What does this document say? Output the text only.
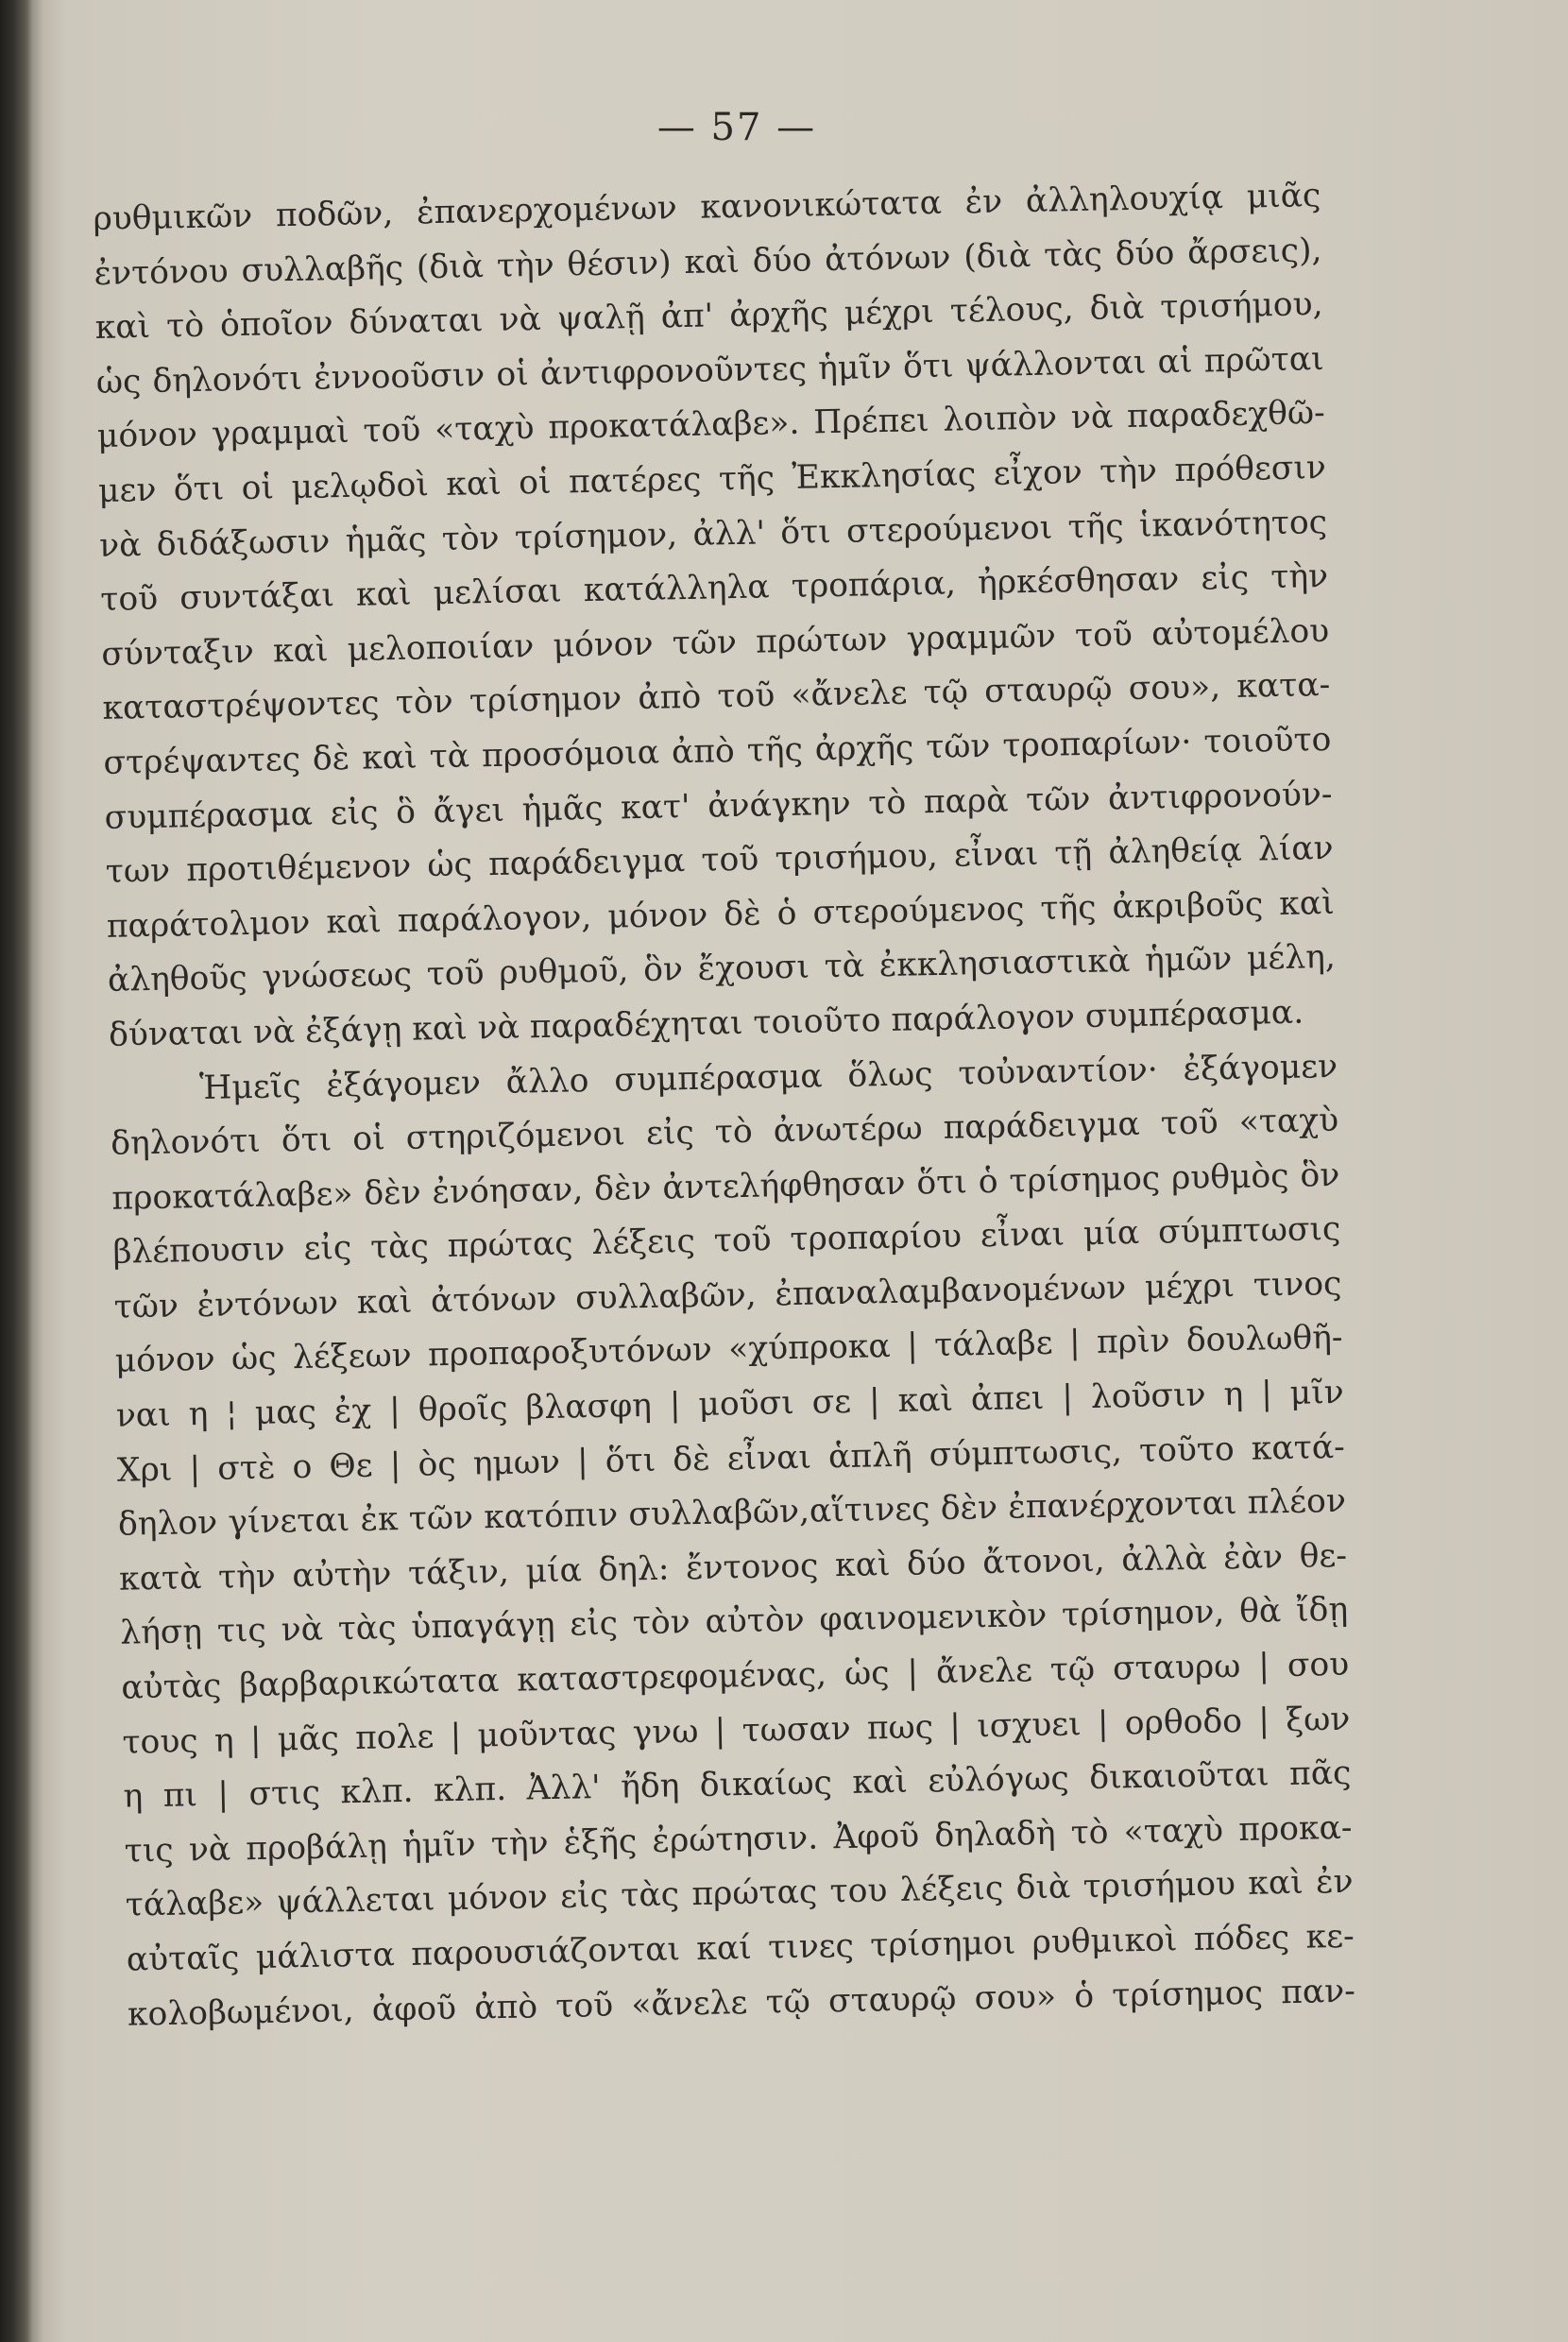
— 57 —
ρυθμικῶν ποδῶν, ἐπανερχομένων κανονικώτατα ἐν ἀλληλουχίᾳ μιᾶς
ἐντόνου συλλαβῆς (διὰ τὴν θέσιν) καὶ δύο ἀτόνων (διὰ τὰς δύο ἄρσεις),
καὶ τὸ ὁποῖον δύναται νὰ ψαλῇ ἀπ' ἀρχῆς μέχρι τέλους, διὰ τρισήμου,
ὡς δηλονότι ἐννοοῦσιν οἱ ἀντιφρονοῦντες ἡμῖν ὅτι ψάλλονται αἱ πρῶται
μόνον γραμμαὶ τοῦ «ταχὺ προκατάλαβε». Πρέπει λοιπὸν νὰ παραδεχθῶ-
μεν ὅτι οἱ μελῳδοὶ καὶ οἱ πατέρες τῆς Ἐκκλησίας εἶχον τὴν πρόθεσιν
νὰ διδάξωσιν ἡμᾶς τὸν τρίσημον, ἀλλ' ὅτι στερούμενοι τῆς ἱκανότητος
τοῦ συντάξαι καὶ μελίσαι κατάλληλα τροπάρια, ἠρκέσθησαν εἰς τὴν
σύνταξιν καὶ μελοποιίαν μόνον τῶν πρώτων γραμμῶν τοῦ αὐτομέλου
καταστρέψοντες τὸν τρίσημον ἀπὸ τοῦ «ἄνελε τῷ σταυρῷ σου», κατα-
στρέψαντες δὲ καὶ τὰ προσόμοια ἀπὸ τῆς ἀρχῆς τῶν τροπαρίων· τοιοῦτο
συμπέρασμα εἰς ὃ ἄγει ἡμᾶς κατ' ἀνάγκην τὸ παρὰ τῶν ἀντιφρονούν-
των προτιθέμενον ὡς παράδειγμα τοῦ τρισήμου, εἶναι τῇ ἀληθείᾳ λίαν
παράτολμον καὶ παράλογον, μόνον δὲ ὁ στερούμενος τῆς ἀκριβοῦς καὶ
ἀληθοῦς γνώσεως τοῦ ρυθμοῦ, ὃν ἔχουσι τὰ ἐκκλησιαστικὰ ἡμῶν μέλη,
δύναται νὰ ἐξάγῃ καὶ νὰ παραδέχηται τοιοῦτο παράλογον συμπέρασμα.
Ἡμεῖς ἐξάγομεν ἄλλο συμπέρασμα ὅλως τοὐναντίον· ἐξάγομεν
δηλονότι ὅτι οἱ στηριζόμενοι εἰς τὸ ἀνωτέρω παράδειγμα τοῦ «ταχὺ
προκατάλαβε» δὲν ἐνόησαν, δὲν ἀντελήφθησαν ὅτι ὁ τρίσημος ρυθμὸς ὃν
βλέπουσιν εἰς τὰς πρώτας λέξεις τοῦ τροπαρίου εἶναι μία σύμπτωσις
τῶν ἐντόνων καὶ ἀτόνων συλλαβῶν, ἐπαναλαμβανομένων μέχρι τινος
μόνον ὡς λέξεων προπαροξυτόνων «χύπροκα | τάλαβε | πρὶν δουλωθῆ-
ναι η ¦ μας ἐχ | θροῖς βλασφη | μοῦσι σε | καὶ ἀπει | λοῦσιν η | μῖν
Χρι | στὲ ο Θε | ὸς ημων | ὅτι δὲ εἶναι ἁπλῆ σύμπτωσις, τοῦτο κατά-
δηλον γίνεται ἐκ τῶν κατόπιν συλλαβῶν,αἵτινες δὲν ἐπανέρχονται πλέον
κατὰ τὴν αὐτὴν τάξιν, μία δηλ: ἔντονος καὶ δύο ἄτονοι, ἀλλὰ ἐὰν θε-
λήσῃ τις νὰ τὰς ὑπαγάγῃ εἰς τὸν αὐτὸν φαινομενικὸν τρίσημον, θὰ ἴδῃ
αὐτὰς βαρβαρικώτατα καταστρεφομένας, ὡς | ἄνελε τῷ σταυρω | σου
τους η | μᾶς πολε | μοῦντας γνω | τωσαν πως | ισχυει | ορθοδο | ξων
η πι | στις κλπ. κλπ. Ἀλλ' ἤδη δικαίως καὶ εὐλόγως δικαιοῦται πᾶς
τις νὰ προβάλῃ ἡμῖν τὴν ἑξῆς ἐρώτησιν. Ἀφοῦ δηλαδὴ τὸ «ταχὺ προκα-
τάλαβε» ψάλλεται μόνον εἰς τὰς πρώτας του λέξεις διὰ τρισήμου καὶ ἐν
αὐταῖς μάλιστα παρουσιάζονται καί τινες τρίσημοι ρυθμικοὶ πόδες κε-
κολοβωμένοι, ἀφοῦ ἀπὸ τοῦ «ἄνελε τῷ σταυρῷ σου» ὁ τρίσημος παν-
